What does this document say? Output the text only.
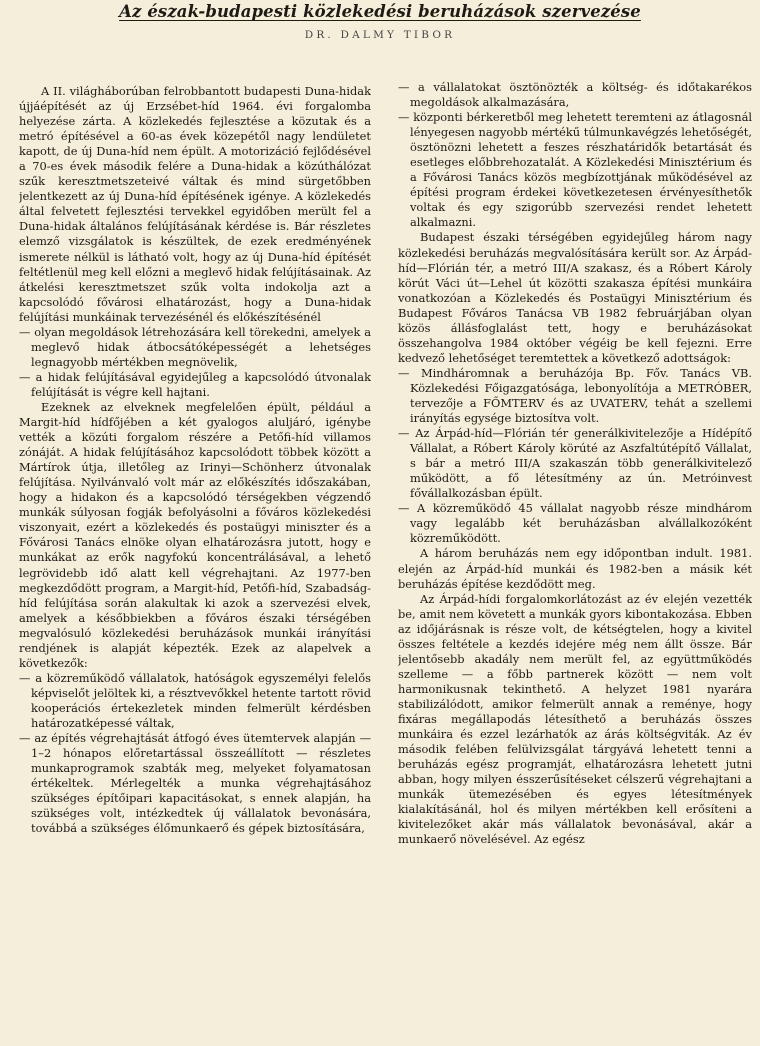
Az észak-budapesti közlekedési beruházások szervezése
DR. DALMY TIBOR

A II. világháborúban felrobbantott budapesti Duna-hidak újjáépítését az új Erzsébet-híd 1964. évi forgalomba helyezése zárta. A közlekedés fejlesztése a közutak és a metró építésével a 60-as évek közepétől nagy lendületet kapott, de új Duna-híd nem épült. A motorizáció fejlődésével a 70-es évek második felére a Duna-hidak a közúthálózat szűk keresztmetszeteivé váltak és mind sürgetőbben jelentkezett az új Duna-híd építésének igénye. A közlekedés által felvetett fejlesztési tervekkel egyidőben merült fel a Duna-hidak általános felújításának kérdése is. Bár részletes elemző vizsgálatok is készültek, de ezek eredményének ismerete nélkül is látható volt, hogy az új Duna-híd építését feltétlenül meg kell előzni a meglevő hidak felújításainak. Az átkelési keresztmetszet szűk volta indokolja azt a kapcsolódó fővárosi elhatározást, hogy a Duna-hidak felújítási munkáinak tervezésénél és előkészítésénél

— olyan megoldások létrehozására kell törekedni, amelyek a meglevő hidak átbocsátóképességét a lehetséges legnagyobb mértékben megnövelik,

— a hidak felújításával egyidejűleg a kapcsolódó útvonalak felújítását is végre kell hajtani.

Ezeknek az elveknek megfelelően épült, például a Margit-híd hídfőjében a két gyalogos aluljáró, igénybe vették a közúti forgalom részére a Petőfi-híd villamos zónáját. A hidak felújításához kapcsolódott többek között a Mártírok útja, illetőleg az Irinyi—Schönherz útvonalak felújítása. Nyilvánvaló volt már az előkészítés időszakában, hogy a hidakon és a kapcsolódó térségekben végzendő munkák súlyosan fogják befolyásolni a főváros közlekedési viszonyait, ezért a közlekedés és postaügyi miniszter és a Fővárosi Tanács elnöke olyan elhatározásra jutott, hogy e munkákat az erők nagyfokú koncentrálásával, a lehető legrövidebb idő alatt kell végrehajtani. Az 1977-ben megkezdődött program, a Margit-híd, Petőfi-híd, Szabadság-híd felújítása során alakultak ki azok a szervezési elvek, amelyek a későbbiekben a főváros északi térségében megvalósuló közlekedési beruházások munkái irányítási rendjének is alapját képezték. Ezek az alapelvek a következők:

— a közreműködő vállalatok, hatóságok egyszemélyi felelős képviselőt jelöltek ki, a résztvevőkkel hetente tartott rövid kooperációs értekezletek minden felmerült kérdésben határozatképessé váltak,

— az építés végrehajtását átfogó éves ütemtervek alapján — 1–2 hónapos előretartással összeállított — részletes munkaprogramok szabták meg, melyeket folyamatosan értékeltek. Mérlegelték a munka végrehajtásához szükséges építőipari kapacitásokat, s ennek alapján, ha szükséges volt, intézkedtek új vállalatok bevonására, továbbá a szükséges élőmunkaerő és gépek biztosítására,

— a vállalatokat ösztönözték a költség- és időtakarékos megoldások alkalmazására,

— központi bérkeretből meg lehetett teremteni az átlagosnál lényegesen nagyobb mértékű túlmunkavégzés lehetőségét, ösztönözni lehetett a feszes részhatáridők betartását és esetleges előbbrehozatalát. A Közlekedési Minisztérium és a Fővárosi Tanács közös megbízottjának működésével az építési program érdekei következetesen érvényesíthetők voltak és egy szigorúbb szervezési rendet lehetett alkalmazni.

Budapest északi térségében egyidejűleg három nagy közlekedési beruházás megvalósítására került sor. Az Árpád-híd—Flórián tér, a metró III/A szakasz, és a Róbert Károly körút Váci út—Lehel út közötti szakasza építési munkáira vonatkozóan a Közlekedés és Postaügyi Minisztérium és Budapest Főváros Tanácsa VB 1982 februárjában olyan közös állásfoglalást tett, hogy e beruházásokat összehangolva 1984 október végéig be kell fejezni. Erre kedvező lehetőséget teremtettek a következő adottságok:

— Mindháromnak a beruházója Bp. Főv. Tanács VB. Közlekedési Főigazgatósága, lebonyolítója a METRÓBER, tervezője a FŐMTERV és az UVATERV, tehát a szellemi irányítás egysége biztosítva volt.

— Az Árpád-híd—Flórián tér generálkivitelezője a Hídépítő Vállalat, a Róbert Károly körúté az Aszfaltútépítő Vállalat, s bár a metró III/A szakaszán több generálkivitelező működött, a fő létesítmény az ún. Metróinvest fővállalkozásban épült.

— A közreműködő 45 vállalat nagyobb része mindhárom vagy legalább két beruházásban alvállalkozóként közreműködött.

A három beruházás nem egy időpontban indult. 1981. elején az Árpád-híd munkái és 1982-ben a másik két beruházás építése kezdődött meg.

Az Árpád-hídi forgalomkorlátozást az év elején vezették be, amit nem követett a munkák gyors kibontakozása. Ebben az időjárásnak is része volt, de kétségtelen, hogy a kivitel összes feltétele a kezdés idejére még nem állt össze. Bár jelentősebb akadály nem merült fel, az együttműködés szelleme — a főbb partnerek között — nem volt harmonikusnak tekinthető. A helyzet 1981 nyarára stabilizálódott, amikor felmerült annak a reménye, hogy fixáras megállapodás létesíthető a beruházás összes munkáira és ezzel lezárhatók az árás költségviták. Az év második felében felülvizsgálat tárgyává lehetett tenni a beruházás egész programját, elhatározásra lehetett jutni abban, hogy milyen ésszerűsítéseket célszerű végrehajtani a munkák ütemezésében és egyes létesítmények kialakításánál, hol és milyen mértékben kell erősíteni a kivitelezőket akár más vállalatok bevonásával, akár a munkaerő növelésével. Az egész
